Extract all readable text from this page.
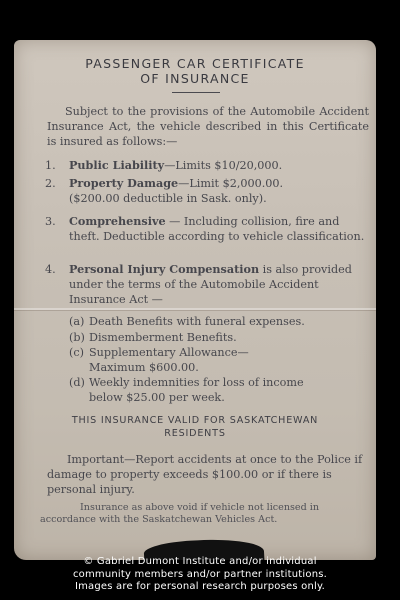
PASSENGER CAR CERTIFICATE
OF INSURANCE
Subject to the provisions of the Automobile Accident Insurance Act, the vehicle described in this Certificate is insured as follows:—
1. Public Liability—Limits $10/20,000.
2. Property Damage—Limit $2,000.00.
($200.00 deductible in Sask. only).
3. Comprehensive — Including collision, fire and theft. Deductible according to vehicle classification.
4. Personal Injury Compensation is also provided under the terms of the Automobile Accident Insurance Act —
(a) Death Benefits with funeral expenses.
(b) Dismemberment Benefits.
(c) Supplementary Allowance—
Maximum $600.00.
(d) Weekly indemnities for loss of income
below $25.00 per week.
THIS INSURANCE VALID FOR SASKATCHEWAN
RESIDENTS
Important—Report accidents at once to the Police if damage to property exceeds $100.00 or if there is personal injury.
Insurance as above void if vehicle not licensed in accordance with the Saskatchewan Vehicles Act.
© Gabriel Dumont Institute and/or individual
community members and/or partner institutions.
Images are for personal research purposes only.
